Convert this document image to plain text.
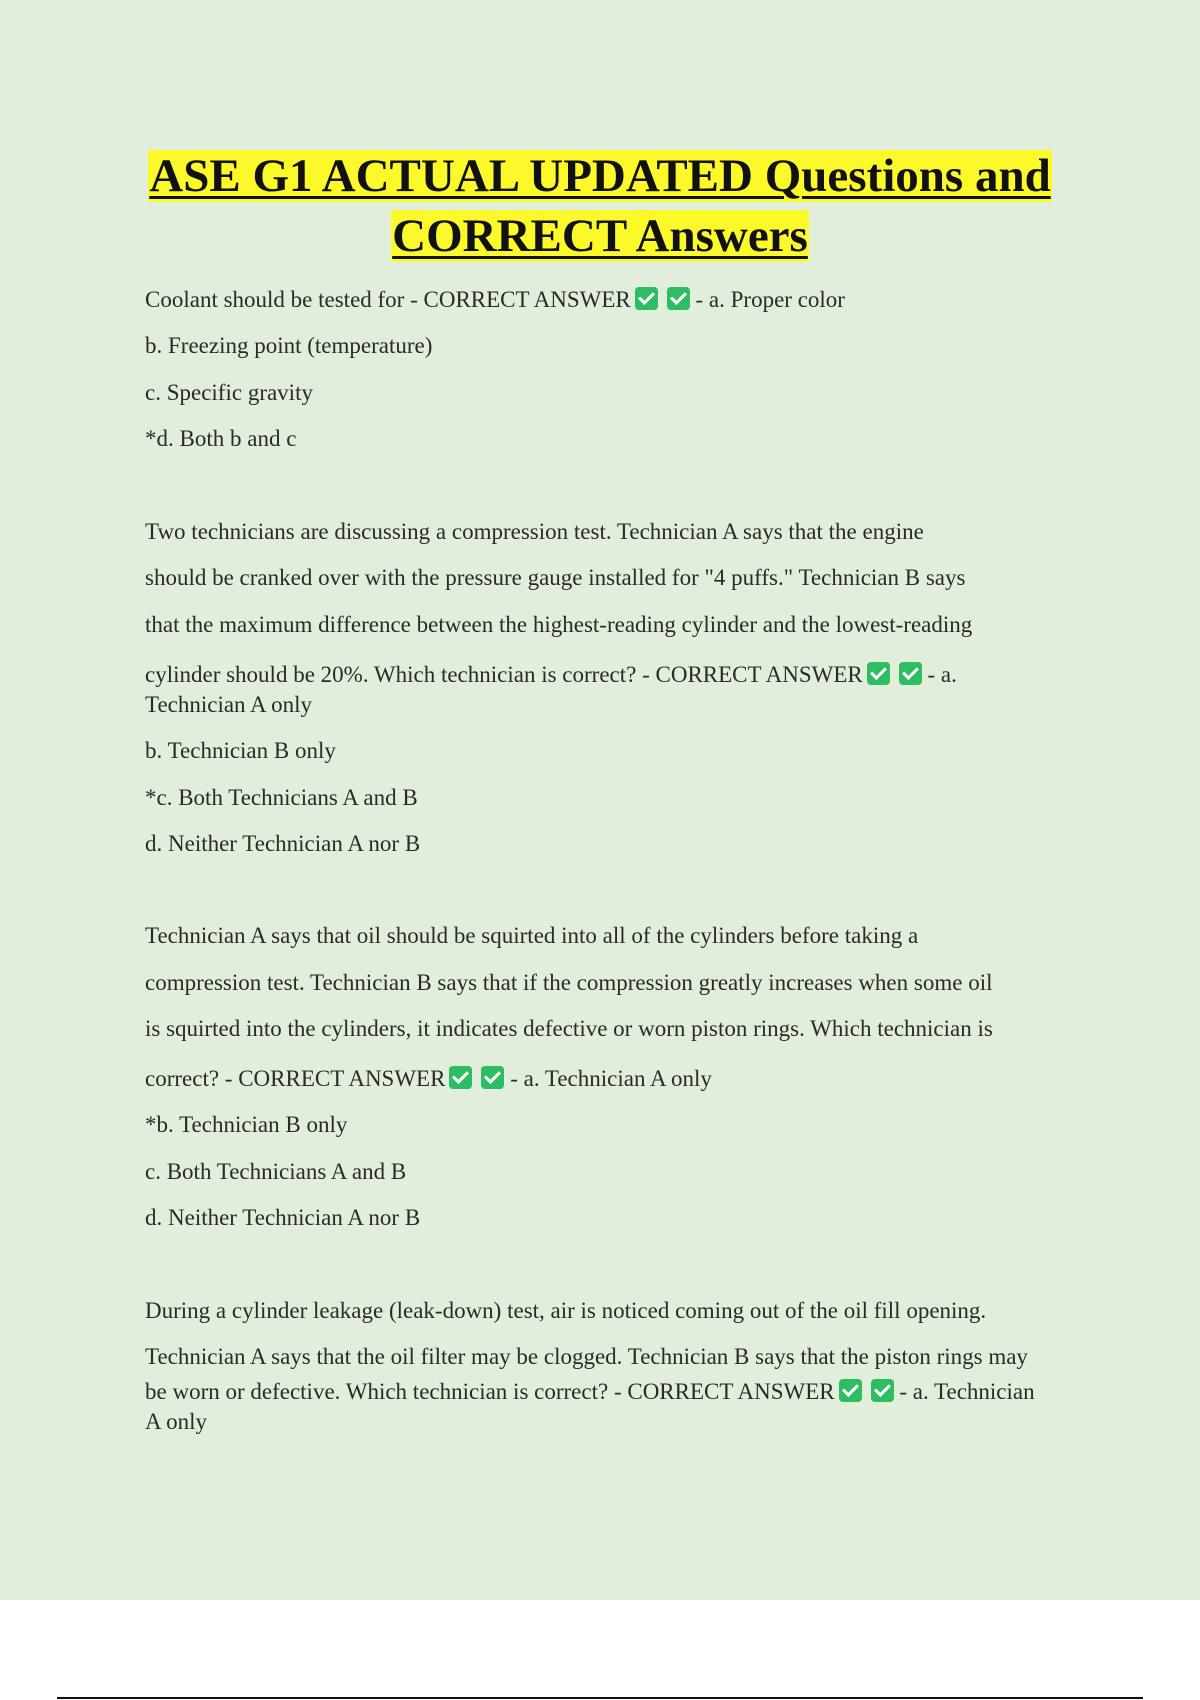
ASE G1 ACTUAL UPDATED Questions and
CORRECT Answers
Coolant should be tested for - CORRECT ANSWER	- a. Proper color
b. Freezing point (temperature)
c. Specific gravity
*d. Both b and c
Two technicians are discussing a compression test. Technician A says that the engine
should be cranked over with the pressure gauge installed for "4 puffs." Technician B says
that the maximum difference between the highest-reading cylinder and the lowest-reading
cylinder should be 20%. Which technician is correct? - CORRECT ANSWER	- a.
Technician A only
b. Technician B only
*c. Both Technicians A and B
d. Neither Technician A nor B
Technician A says that oil should be squirted into all of the cylinders before taking a
compression test. Technician B says that if the compression greatly increases when some oil
is squirted into the cylinders, it indicates defective or worn piston rings. Which technician is
correct? - CORRECT ANSWER	- a. Technician A only
*b. Technician B only
c. Both Technicians A and B
d. Neither Technician A nor B
During a cylinder leakage (leak-down) test, air is noticed coming out of the oil fill opening.
Technician A says that the oil filter may be clogged. Technician B says that the piston rings may
be worn or defective. Which technician is correct? - CORRECT ANSWER	- a. Technician
A only
